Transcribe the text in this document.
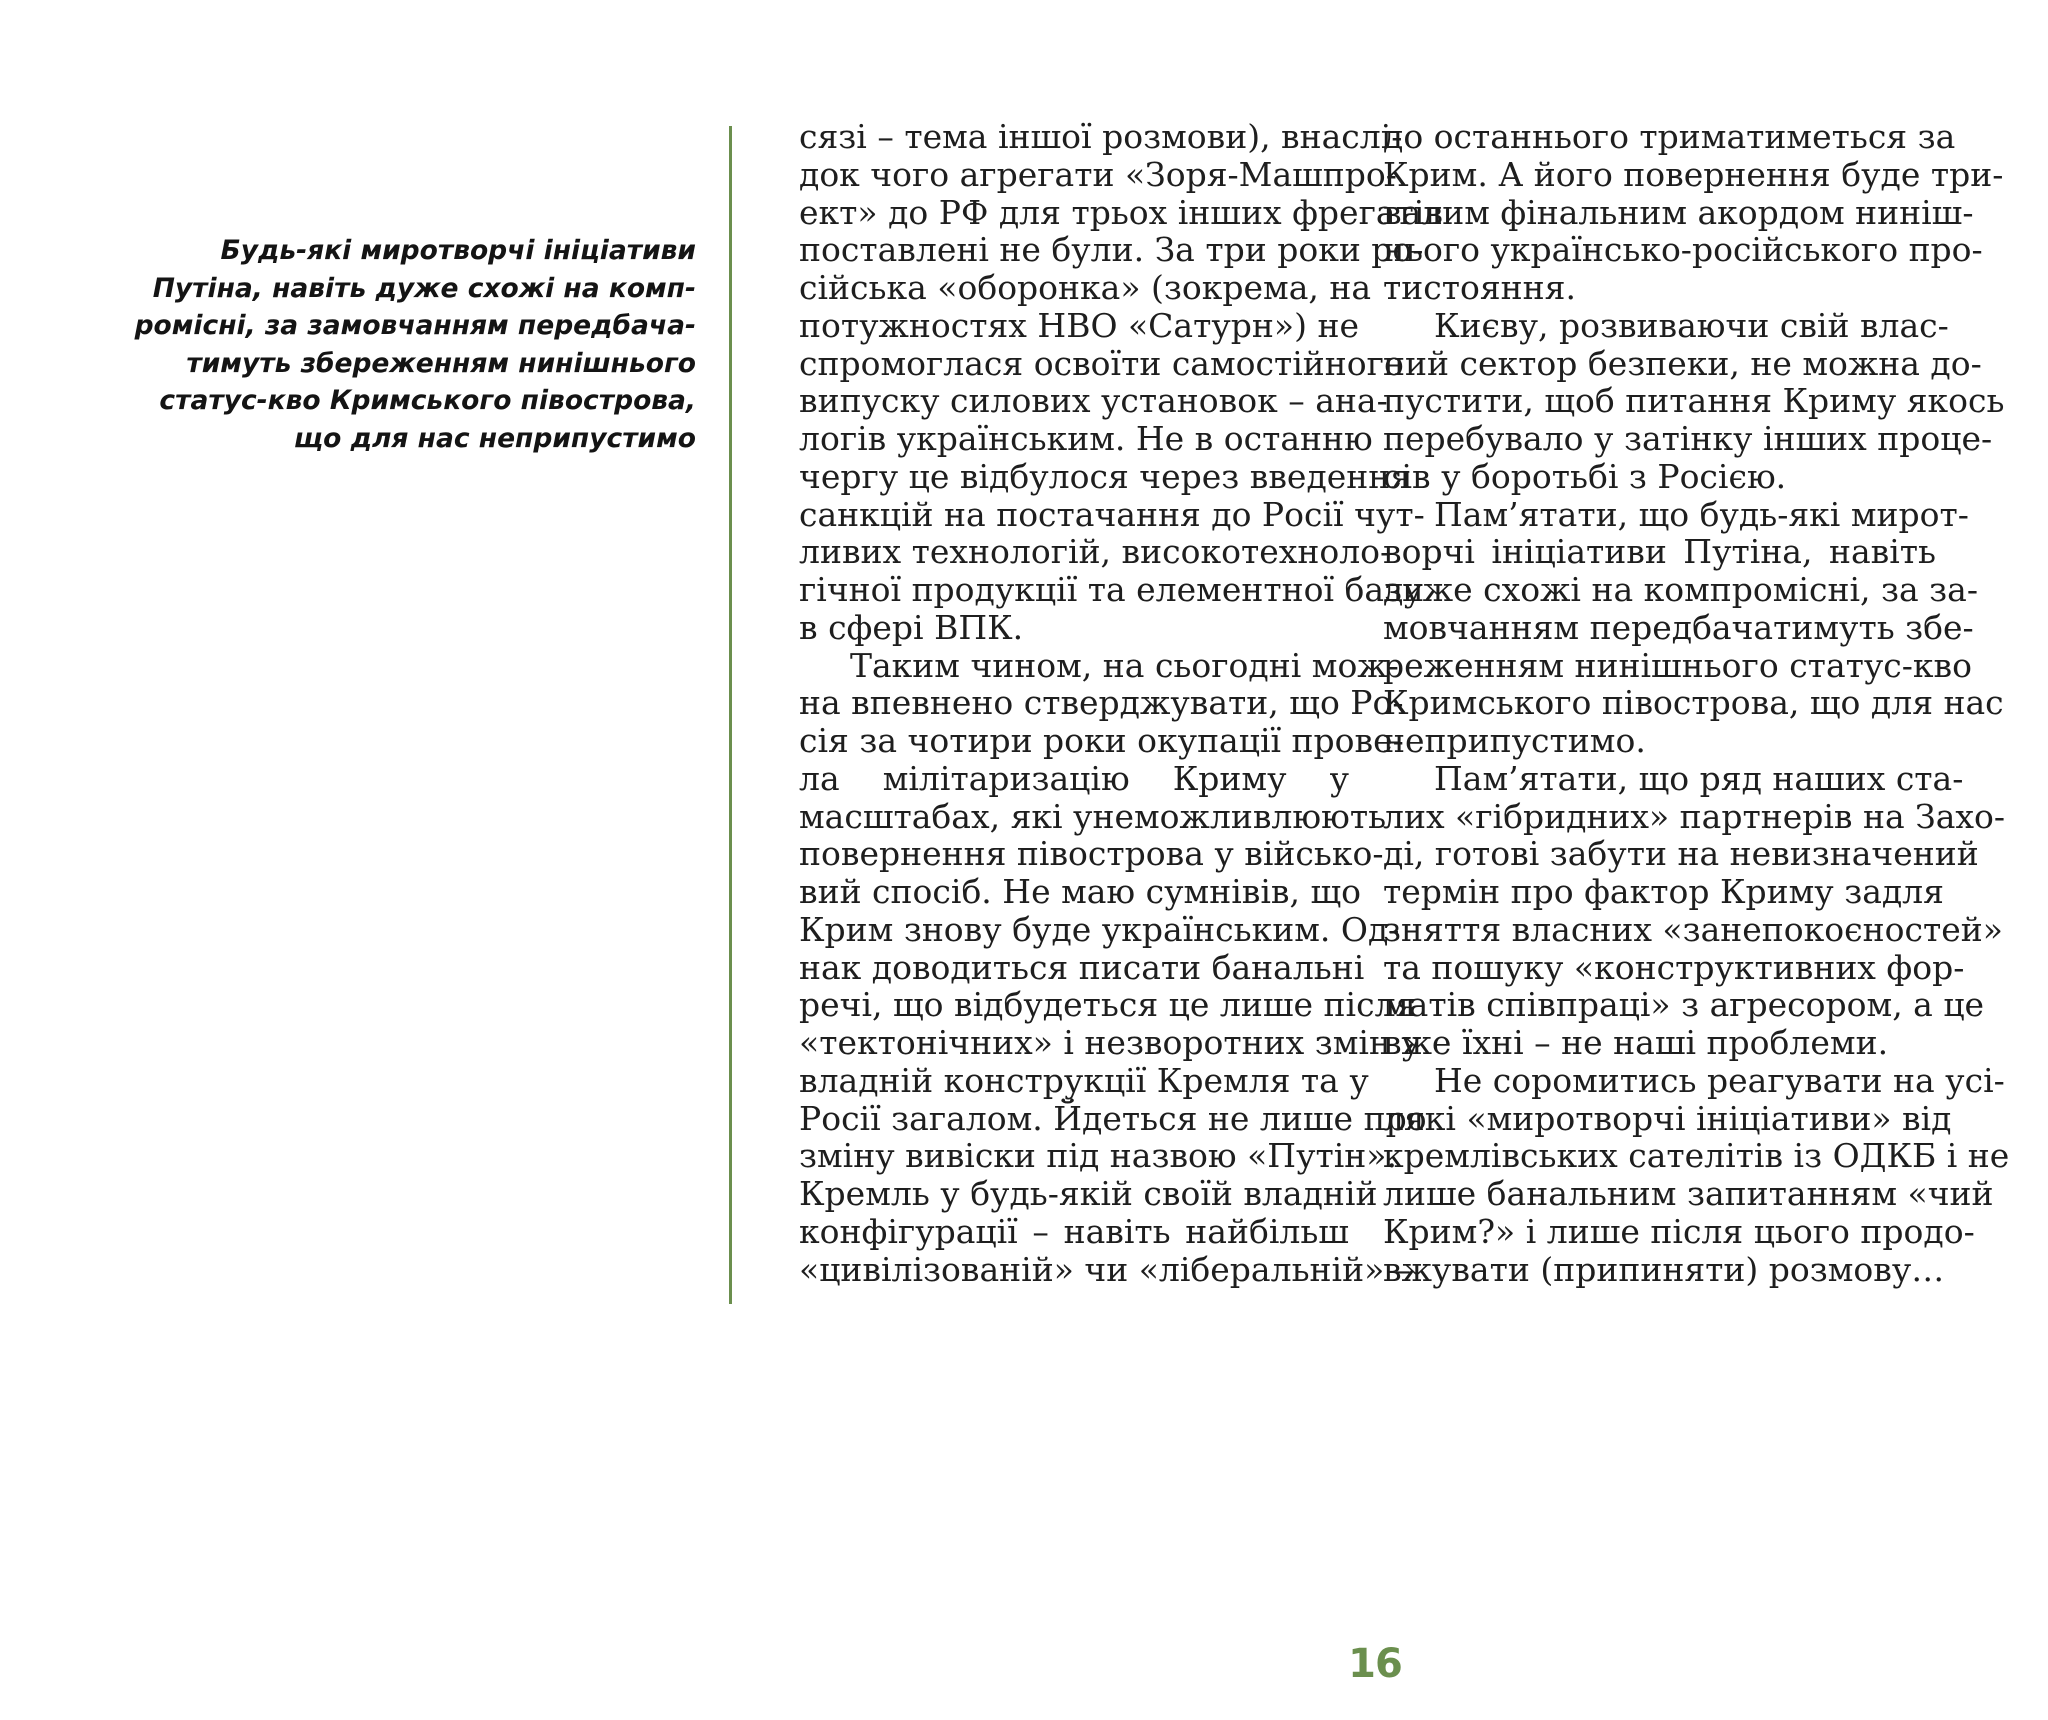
Будь-які миротворчі ініціативи
Путіна, навіть дуже схожі на комп-
ромісні, за замовчанням передбача-
тимуть збереженням нинішнього
статус-кво Кримського півострова,
що для нас неприпустимо
сязі – тема іншої розмови), внаслі-
док чого агрегати «Зоря-Машпро-
ект» до РФ для трьох інших фрегатів
поставлені не були. За три роки ро-
сійська «оборонка» (зокрема, на
потужностях НВО «Сатурн») не
спромоглася освоїти самостійного
випуску силових установок – ана-
логів українським. Не в останню
чергу це відбулося через введення
санкцій на постачання до Росії чут-
ливих технологій, високотехноло-
гічної продукції та елементної бази
в сфері ВПК.
Таким чином, на сьогодні мож-
на впевнено стверджувати, що Ро-
сія за чотири роки окупації прове-
ла мілітаризацію Криму у
масштабах, які унеможливлюють
повернення півострова у військо-
вий спосіб. Не маю сумнівів, що
Крим знову буде українським. Од-
нак доводиться писати банальні
речі, що відбудеться це лише після
«тектонічних» і незворотних змін у
владній конструкції Кремля та у
Росії загалом. Йдеться не лише про
зміну вивіски під назвою «Путін».
Кремль у будь-якій своїй владній
конфігурації – навіть найбільш
«цивілізованій» чи «ліберальній» –
до останнього триматиметься за
Крим. А його повернення буде три-
валим фінальним акордом ниніш-
нього українсько-російського про-
тистояння.
Києву, розвиваючи свій влас-
ний сектор безпеки, не можна до-
пустити, щоб питання Криму якось
перебувало у затінку інших проце-
сів у боротьбі з Росією.
Пам’ятати, що будь-які мирот-
ворчі ініціативи Путіна, навіть
дуже схожі на компромісні, за за-
мовчанням передбачатимуть збе-
реженням нинішнього статус-кво
Кримського півострова, що для нас
неприпустимо.
Пам’ятати, що ряд наших ста-
лих «гібридних» партнерів на Захо-
ді, готові забути на невизначений
термін про фактор Криму задля
зняття власних «занепокоєностей»
та пошуку «конструктивних фор-
матів співпраці» з агресором, а це
вже їхні – не наші проблеми.
Не соромитись реагувати на усі-
лякі «миротворчі ініціативи» від
кремлівських сателітів із ОДКБ і не
лише банальним запитанням «чий
Крим?» і лише після цього продо-
вжувати (припиняти) розмову…
16
